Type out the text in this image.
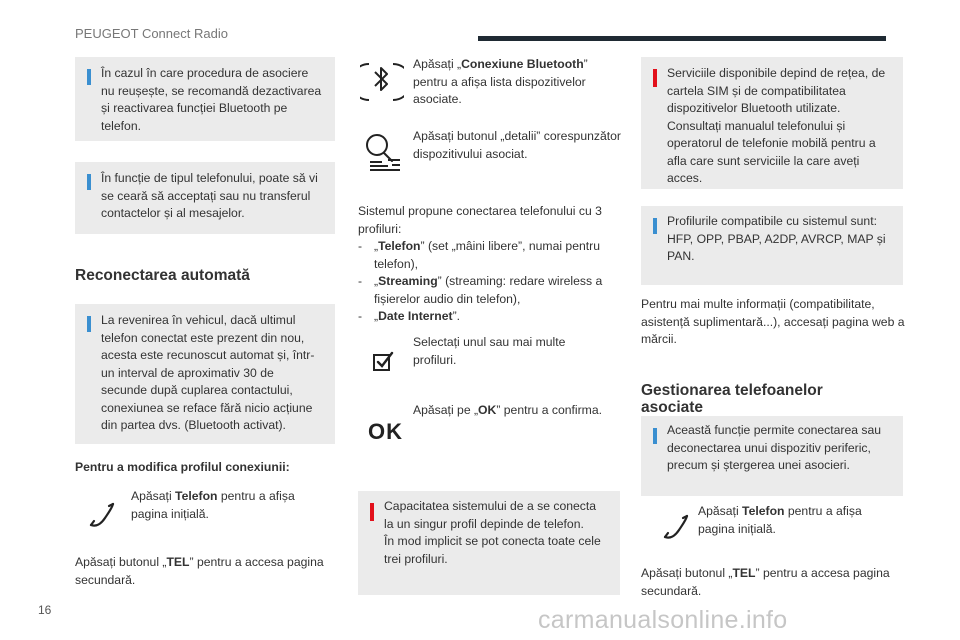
PEUGEOT Connect Radio

În cazul în care procedura de asociere nu reușește, se recomandă dezactivarea și reactivarea funcției Bluetooth pe telefon.

În funcție de tipul telefonului, poate să vi se ceară să acceptați sau nu transferul contactelor și al mesajelor.

Reconectarea automată

La revenirea în vehicul, dacă ultimul telefon conectat este prezent din nou, acesta este recunoscut automat și, într-un interval de aproximativ 30 de secunde după cuplarea contactului, conexiunea se reface fără nicio acțiune din partea dvs. (Bluetooth activat).

Pentru a modifica profilul conexiunii:
Apăsați Telefon pentru a afișa pagina inițială.
Apăsați butonul „TEL” pentru a accesa pagina secundară.
Apăsați „Conexiune Bluetooth” pentru a afișa lista dispozitivelor asociate.
Apăsați butonul „detalii” corespunzător dispozitivului asociat.
Sistemul propune conectarea telefonului cu 3 profiluri:
- „Telefon” (set „mâini libere”, numai pentru telefon),
- „Streaming” (streaming: redare wireless a fișierelor audio din telefon),
- „Date Internet”.
Selectați unul sau mai multe profiluri.
OK
Apăsați pe „OK” pentru a confirma.

Capacitatea sistemului de a se conecta la un singur profil depinde de telefon.
În mod implicit se pot conecta toate cele trei profiluri.

Serviciile disponibile depind de rețea, de cartela SIM și de compatibilitatea dispozitivelor Bluetooth utilizate. Consultați manualul telefonului și operatorul de telefonie mobilă pentru a afla care sunt serviciile la care aveți acces.

Profilurile compatibile cu sistemul sunt: HFP, OPP, PBAP, A2DP, AVRCP, MAP și PAN.

Pentru mai multe informații (compatibilitate, asistență suplimentară...), accesați pagina web a mărcii.
Gestionarea telefoanelor asociate

Această funcție permite conectarea sau deconectarea unui dispozitiv periferic, precum și ștergerea unei asocieri.

Apăsați Telefon pentru a afișa pagina inițială.
Apăsați butonul „TEL” pentru a accesa pagina secundară.
16	carmanualsonline.info
